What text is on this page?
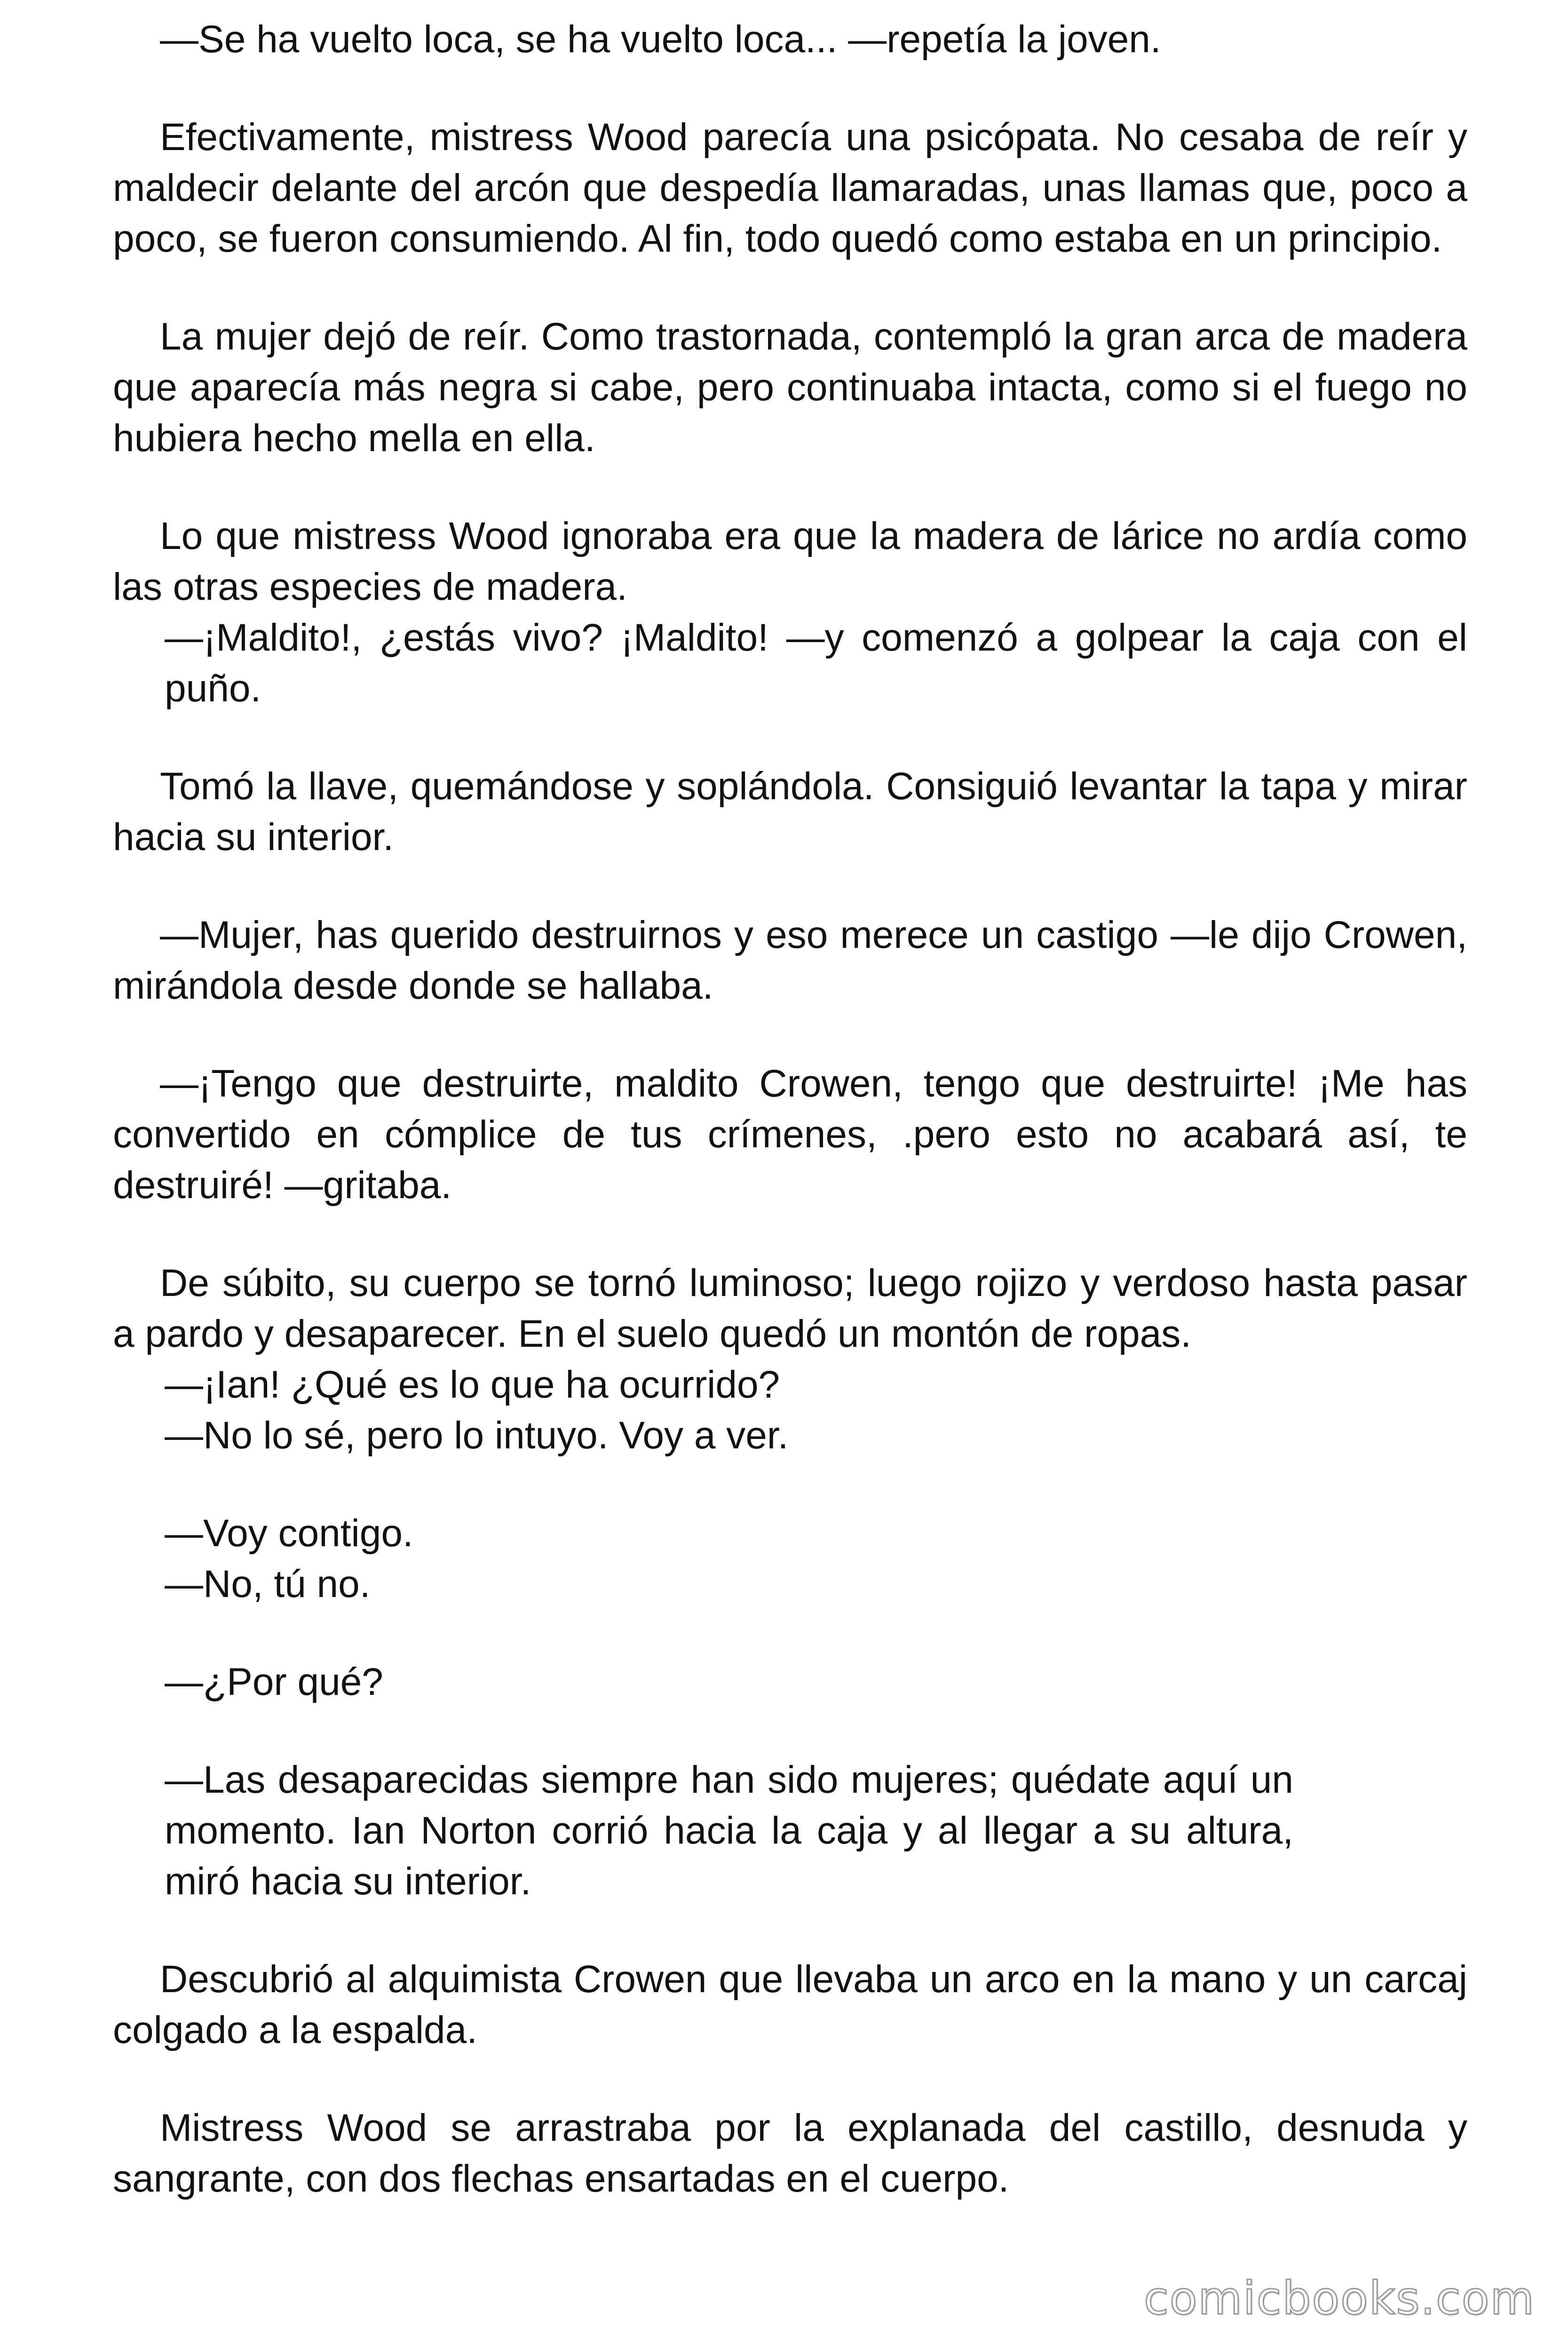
—Se ha vuelto loca, se ha vuelto loca... —repetía la joven.

Efectivamente, mistress Wood parecía una psicópata. No cesaba de reír y maldecir delante del arcón que despedía llamaradas, unas llamas que, poco a poco, se fueron consumiendo. Al fin, todo quedó como estaba en un principio.

La mujer dejó de reír. Como trastornada, contempló la gran arca de madera que aparecía más negra si cabe, pero continuaba intacta, como si el fuego no hubiera hecho mella en ella.

Lo que mistress Wood ignoraba era que la madera de lárice no ardía como las otras especies de madera.

—¡Maldito!, ¿estás vivo? ¡Maldito! —y comenzó a golpear la caja con el puño.

Tomó la llave, quemándose y soplándola. Consiguió levantar la tapa y mirar hacia su interior.

—Mujer, has querido destruirnos y eso merece un castigo —le dijo Crowen, mirándola desde donde se hallaba.

—¡Tengo que destruirte, maldito Crowen, tengo que destruirte! ¡Me has convertido en cómplice de tus crímenes, .pero esto no acabará así, te destruiré! —gritaba.

De súbito, su cuerpo se tornó luminoso; luego rojizo y verdoso hasta pasar a pardo y desaparecer. En el suelo quedó un montón de ropas.

—¡Ian! ¿Qué es lo que ha ocurrido?

—No lo sé, pero lo intuyo. Voy a ver.

—Voy contigo.

—No, tú no.

—¿Por qué?

—Las desaparecidas siempre han sido mujeres; quédate aquí un momento. Ian Norton corrió hacia la caja y al llegar a su altura, miró hacia su interior.

Descubrió al alquimista Crowen que llevaba un arco en la mano y un carcaj colgado a la espalda.

Mistress Wood se arrastraba por la explanada del castillo, desnuda y sangrante, con dos flechas ensartadas en el cuerpo.

comicbooks.com
